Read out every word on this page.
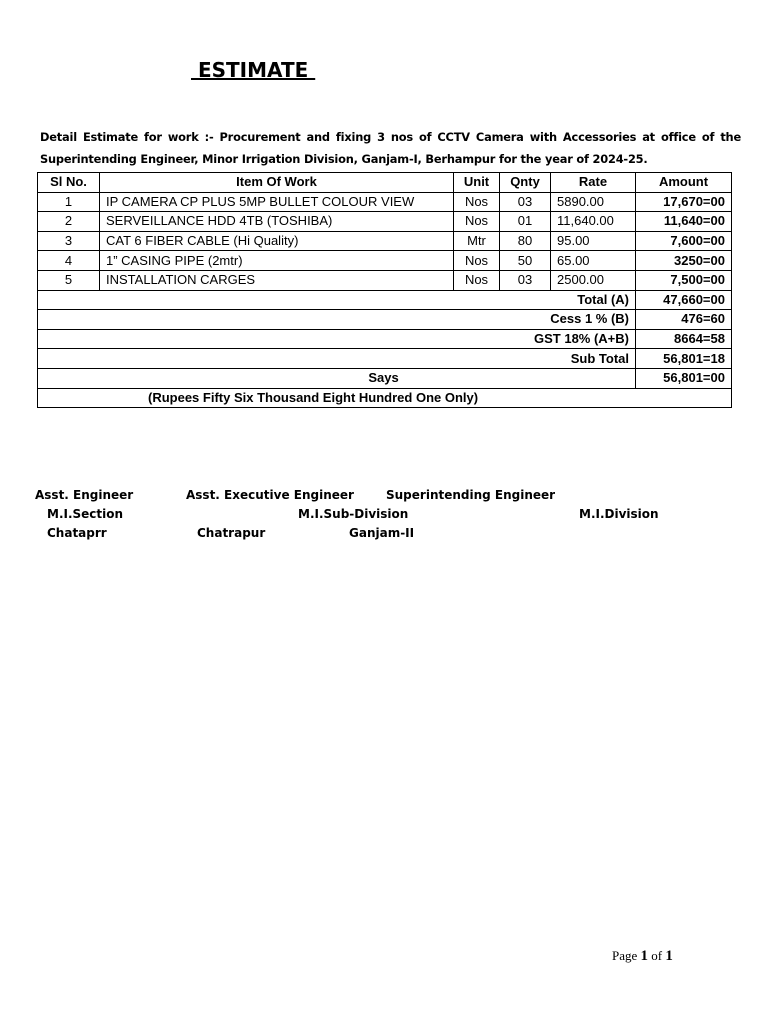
ESTIMATE
Detail Estimate for work :- Procurement and fixing 3 nos of CCTV Camera with Accessories at office of the Superintending Engineer, Minor Irrigation Division, Ganjam-I, Berhampur for the year of 2024-25.
Sl No.	Item Of Work	Unit	Qnty	Rate	Amount
1	IP CAMERA CP PLUS 5MP BULLET COLOUR VIEW	Nos	03	5890.00	17,670=00
2	SERVEILLANCE HDD 4TB (TOSHIBA)	Nos	01	11,640.00	11,640=00
3	CAT 6 FIBER CABLE (Hi Quality)	Mtr	80	95.00	7,600=00
4	1” CASING PIPE (2mtr)	Nos	50	65.00	3250=00
5	INSTALLATION CARGES	Nos	03	2500.00	7,500=00
Total (A)					47,660=00
Cess 1 % (B)					476=60
GST 18% (A+B)					8664=58
Sub Total					56,801=18
Says					56,801=00
(Rupees Fifty Six Thousand Eight Hundred One Only)					
Asst. Engineer	Asst. Executive Engineer	Superintending Engineer
M.I.Section	M.I.Sub-Division	M.I.Division
Chataprr	Chatrapur	Ganjam-II
Page 1 of 1
